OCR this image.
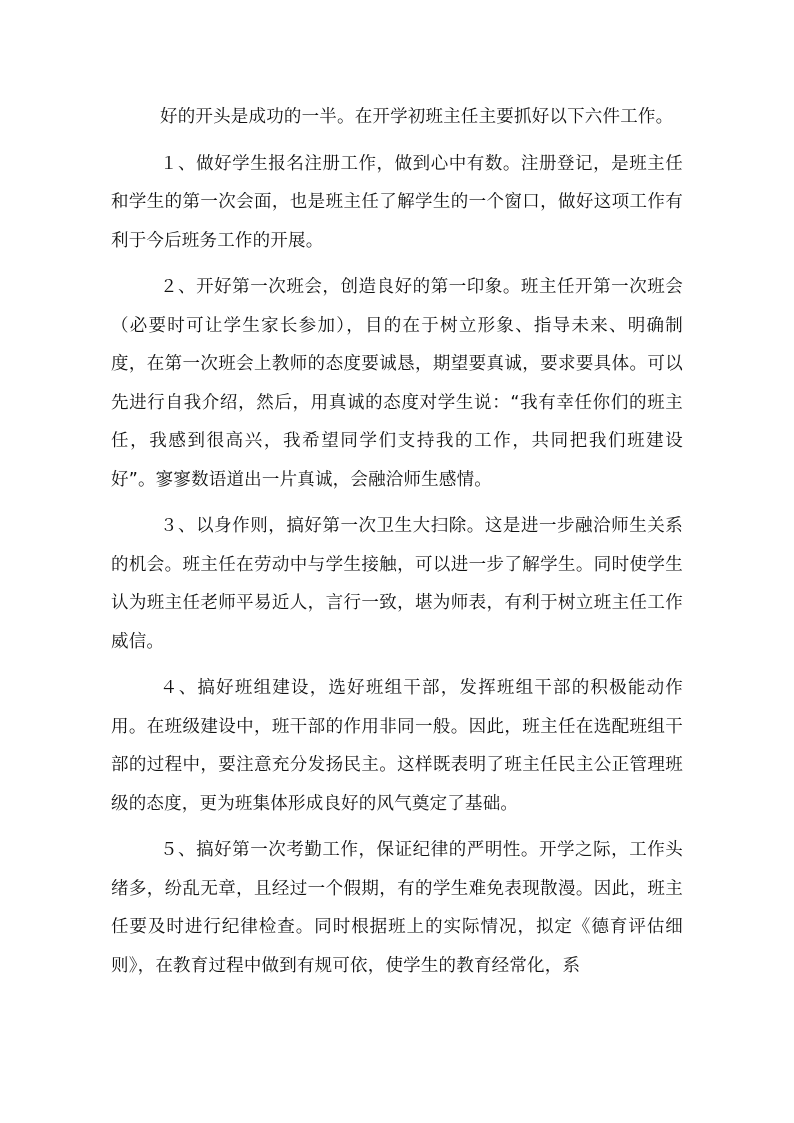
好的开头是成功的一半。在开学初班主任主要抓好以下六件工作。

１、做好学生报名注册工作，做到心中有数。注册登记，是班主任和学生的第一次会面，也是班主任了解学生的一个窗口，做好这项工作有利于今后班务工作的开展。

２、开好第一次班会，创造良好的第一印象。班主任开第一次班会（必要时可让学生家长参加），目的在于树立形象、指导未来、明确制度，在第一次班会上教师的态度要诚恳，期望要真诚，要求要具体。可以先进行自我介绍，然后，用真诚的态度对学生说：“我有幸任你们的班主任，我感到很高兴，我希望同学们支持我的工作，共同把我们班建设好”。寥寥数语道出一片真诚，会融洽师生感情。

３、以身作则，搞好第一次卫生大扫除。这是进一步融洽师生关系的机会。班主任在劳动中与学生接触，可以进一步了解学生。同时使学生认为班主任老师平易近人，言行一致，堪为师表，有利于树立班主任工作威信。

４、搞好班组建设，选好班组干部，发挥班组干部的积极能动作用。在班级建设中，班干部的作用非同一般。因此，班主任在选配班组干部的过程中，要注意充分发扬民主。这样既表明了班主任民主公正管理班级的态度，更为班集体形成良好的风气奠定了基础。

５、搞好第一次考勤工作，保证纪律的严明性。开学之际，工作头绪多，纷乱无章，且经过一个假期，有的学生难免表现散漫。因此，班主任要及时进行纪律检查。同时根据班上的实际情况，拟定《德育评估细则》，在教育过程中做到有规可依，使学生的教育经常化，系
